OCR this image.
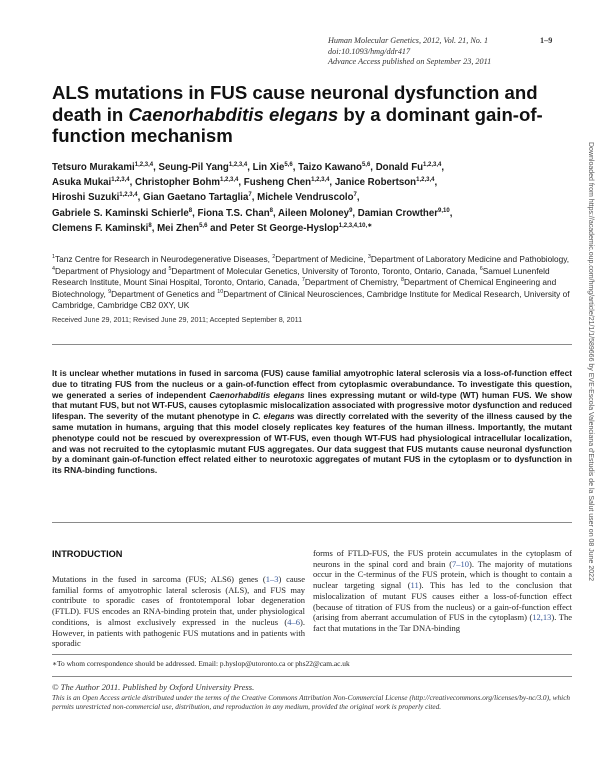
Human Molecular Genetics, 2012, Vol. 21, No. 1	1–9
doi:10.1093/hmg/ddr417
Advance Access published on September 23, 2011
ALS mutations in FUS cause neuronal dysfunction and death in Caenorhabditis elegans by a dominant gain-of-function mechanism
Tetsuro Murakami$^{1,2,3,4}$, Seung-Pil Yang$^{1,2,3,4}$, Lin Xie$^{5,6}$, Taizo Kawano$^{5,6}$, Donald Fu$^{1,2,3,4}$,
Asuka Mukai$^{1,2,3,4}$, Christopher Bohm$^{1,2,3,4}$, Fusheng Chen$^{1,2,3,4}$, Janice Robertson$^{1,2,3,4}$,
Hiroshi Suzuki$^{1,2,3,4}$, Gian Gaetano Tartaglia$^7$, Michele Vendruscolo$^7$,
Gabriele S. Kaminski Schierle$^8$, Fiona T.S. Chan$^8$, Aileen Moloney$^9$, Damian Crowther$^{9,10}$,
Clemens F. Kaminski$^8$, Mei Zhen$^{5,6}$ and Peter St George-Hyslop$^{1,2,3,4,10,∗}$
$^1$Tanz Centre for Research in Neurodegenerative Diseases, $^2$Department of Medicine, $^3$Department of Laboratory Medicine and Pathobiology, $^4$Department of Physiology and $^5$Department of Molecular Genetics, University of Toronto, Toronto, Ontario, Canada, $^6$Samuel Lunenfeld Research Institute, Mount Sinai Hospital, Toronto, Ontario, Canada, $^7$Department of Chemistry, $^8$Department of Chemical Engineering and Biotechnology, $^9$Department of Genetics and $^{10}$Department of Clinical Neurosciences, Cambridge Institute for Medical Research, University of Cambridge, Cambridge CB2 0XY, UK
Received June 29, 2011; Revised June 29, 2011; Accepted September 8, 2011
It is unclear whether mutations in fused in sarcoma (FUS) cause familial amyotrophic lateral sclerosis via a loss-of-function effect due to titrating FUS from the nucleus or a gain-of-function effect from cytoplasmic overabundance. To investigate this question, we generated a series of independent Caenorhabditis elegans lines expressing mutant or wild-type (WT) human FUS. We show that mutant FUS, but not WT-FUS, causes cytoplasmic mislocalization associated with progressive motor dysfunction and reduced lifespan. The severity of the mutant phenotype in C. elegans was directly correlated with the severity of the illness caused by the same mutation in humans, arguing that this model closely replicates key features of the human illness. Importantly, the mutant phenotype could not be rescued by overexpression of WT-FUS, even though WT-FUS had physiological intracellular localization, and was not recruited to the cytoplasmic mutant FUS aggregates. Our data suggest that FUS mutants cause neuronal dysfunction by a dominant gain-of-function effect related either to neurotoxic aggregates of mutant FUS in the cytoplasm or to dysfunction in its RNA-binding functions.
INTRODUCTION
Mutations in the fused in sarcoma (FUS; ALS6) genes (1–3) cause familial forms of amyotrophic lateral sclerosis (ALS), and FUS may contribute to sporadic cases of frontotemporal lobar degeneration (FTLD). FUS encodes an RNA-binding protein that, under physiological conditions, is almost exclusively expressed in the nucleus (4–6). However, in patients with pathogenic FUS mutations and in patients with sporadic
forms of FTLD-FUS, the FUS protein accumulates in the cytoplasm of neurons in the spinal cord and brain (7–10). The majority of mutations occur in the C-terminus of the FUS protein, which is thought to contain a nuclear targeting signal (11). This has led to the conclusion that mislocalization of mutant FUS causes either a loss-of-function effect (because of titration of FUS from the nucleus) or a gain-of-function effect (arising from aberrant accumulation of FUS in the cytoplasm) (12,13). The fact that mutations in the Tar DNA-binding
∗To whom correspondence should be addressed. Email: p.hyslop@utoronto.ca or phs22@cam.ac.uk
© The Author 2011. Published by Oxford University Press.
This is an Open Access article distributed under the terms of the Creative Commons Attribution Non-Commercial License (http://creativecommons.org/licenses/by-nc/3.0), which permits unrestricted non-commercial use, distribution, and reproduction in any medium, provided the original work is properly cited.
Downloaded from https://academic.oup.com/hmg/article/21/1/1/589666 by EVE-Escola Valenciana d'Estudis de la Salut user on 08 June 2022
